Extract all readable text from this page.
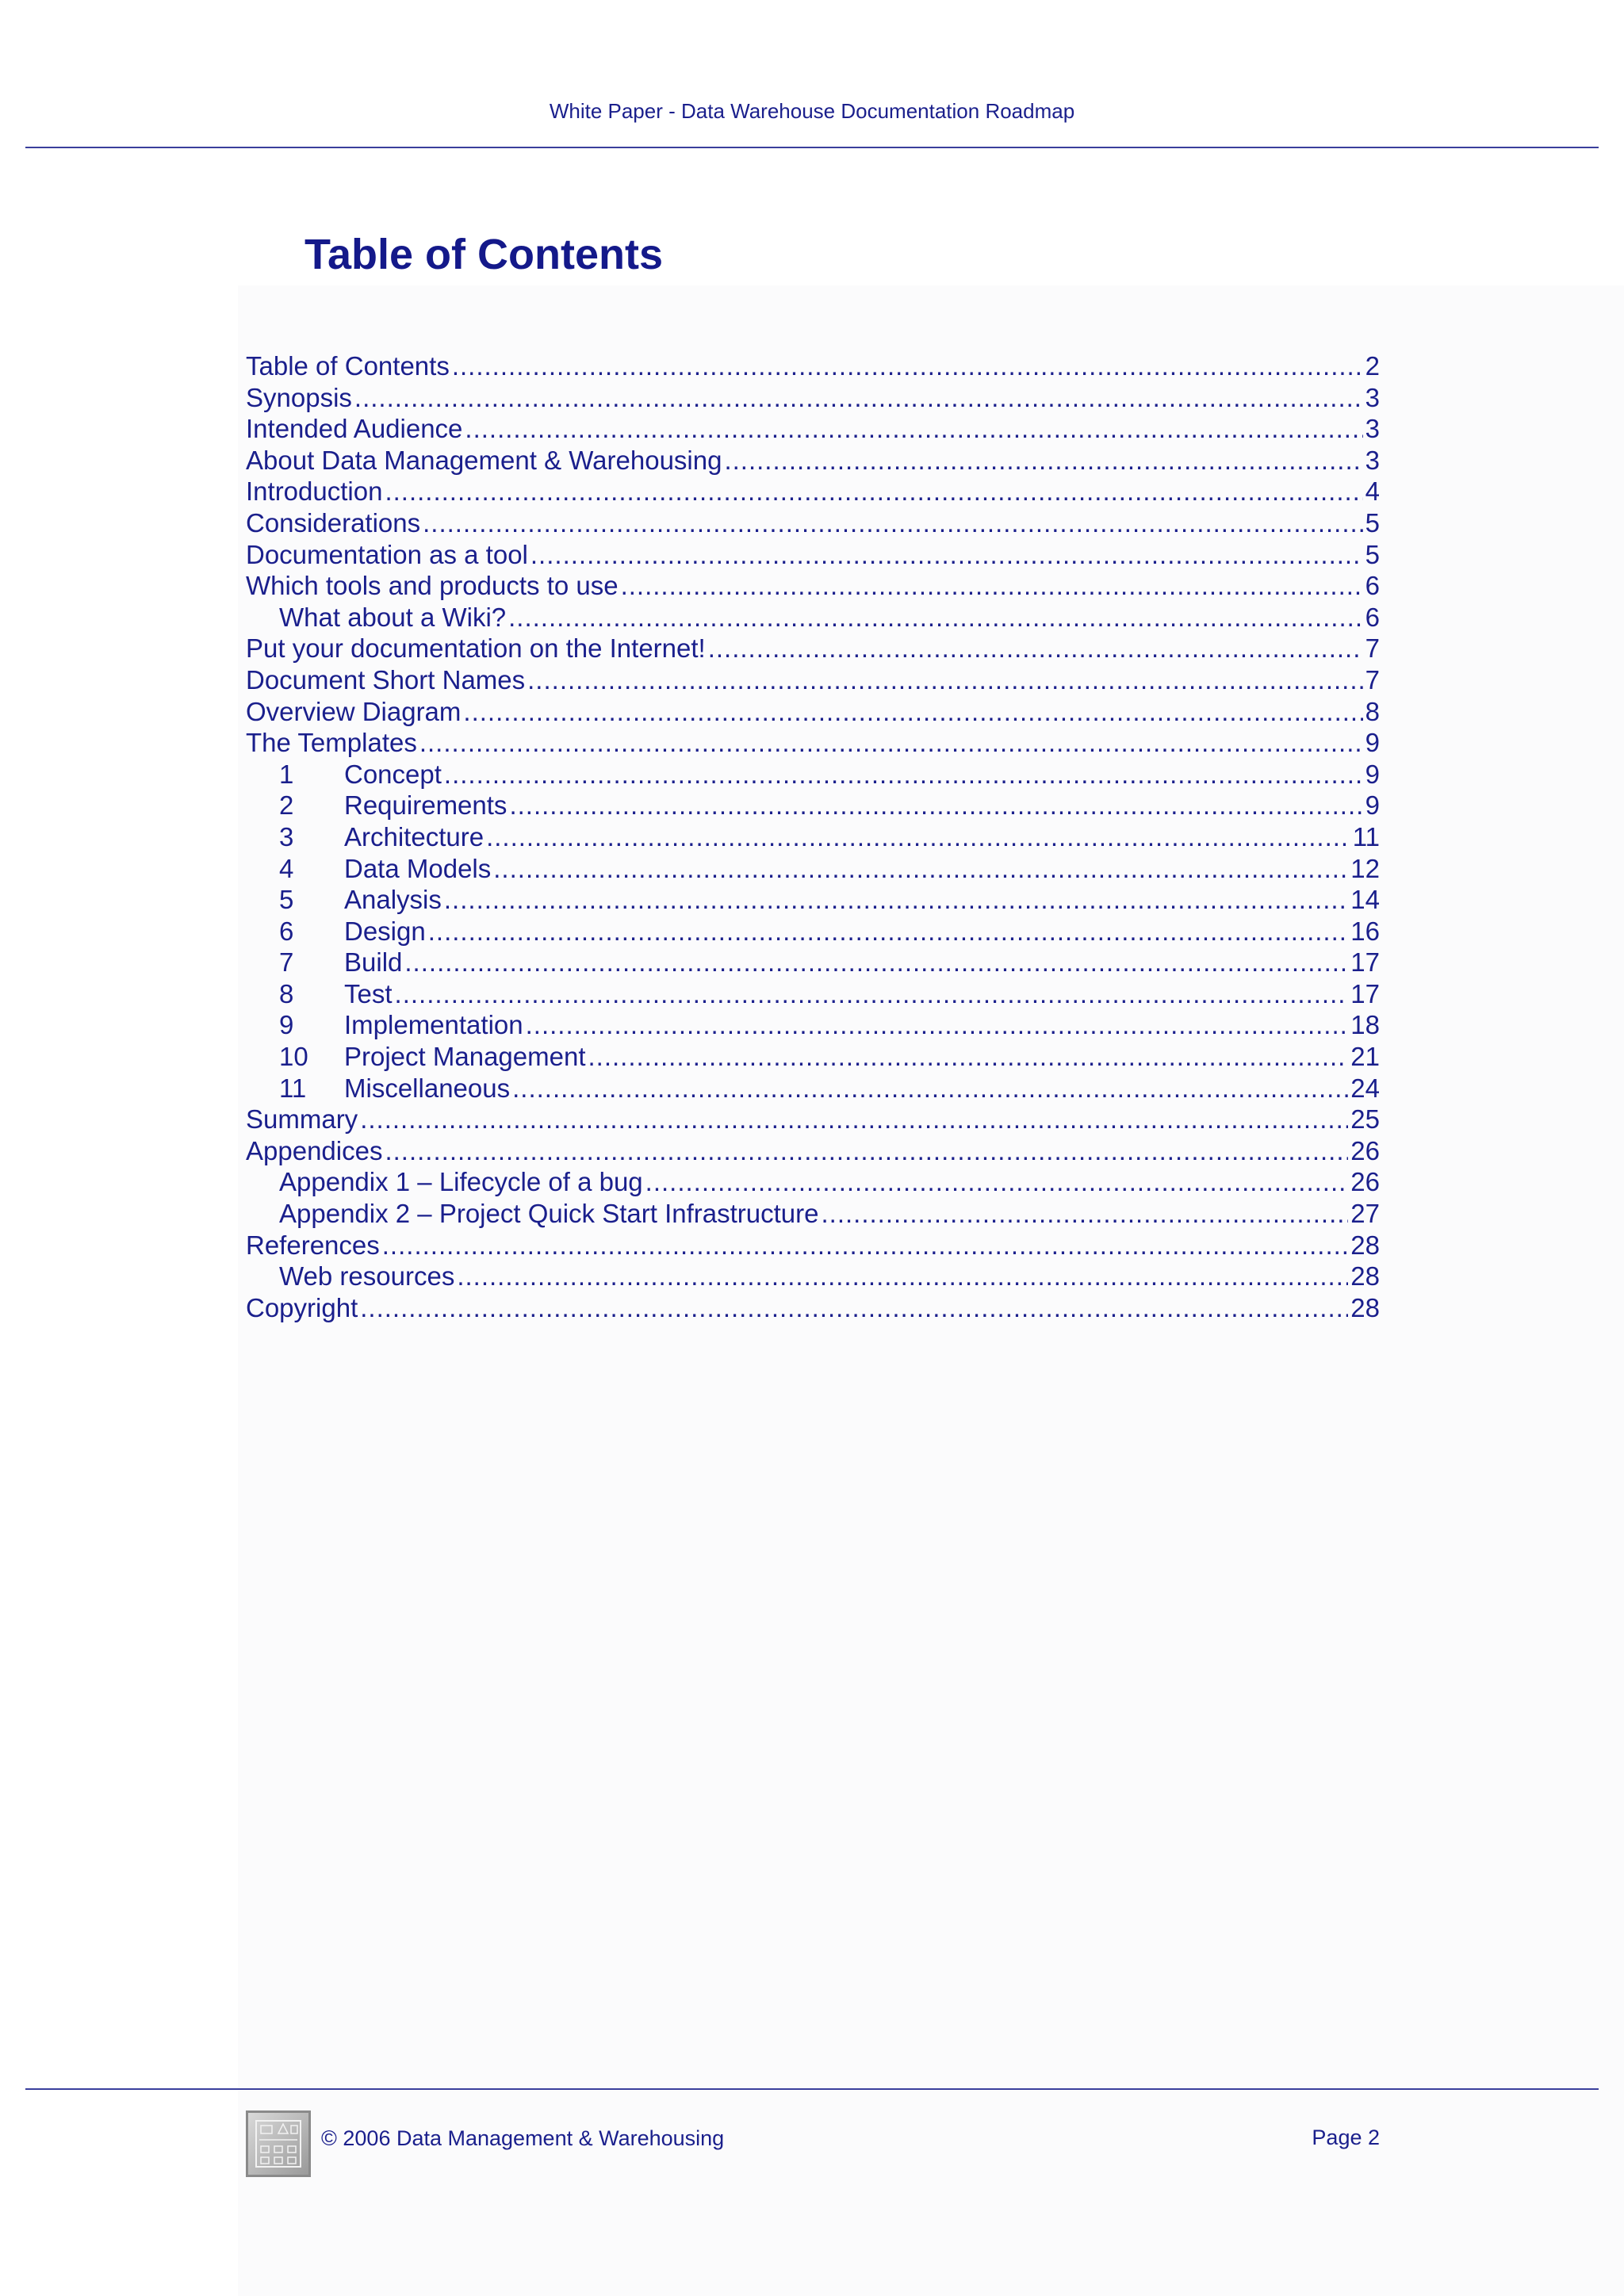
White Paper - Data Warehouse Documentation Roadmap
Table of Contents
Table of Contents .....	2
Synopsis .....	3
Intended Audience .....	3
About Data Management & Warehousing .....	3
Introduction .....	4
Considerations .....	5
Documentation as a tool .....	5
Which tools and products to use .....	6
What about a Wiki? .....	6
Put your documentation on the Internet! .....	7
Document Short Names .....	7
Overview Diagram .....	8
The Templates .....	9
1	Concept .....	9
2	Requirements .....	9
3	Architecture .....	11
4	Data Models .....	12
5	Analysis .....	14
6	Design .....	16
7	Build .....	17
8	Test .....	17
9	Implementation .....	18
10	Project Management .....	21
11	Miscellaneous .....	24
Summary .....	25
Appendices .....	26
Appendix 1 – Lifecycle of a bug .....	26
Appendix 2 – Project Quick Start Infrastructure .....	27
References .....	28
Web resources .....	28
Copyright .....	28
© 2006 Data Management & Warehousing	Page 2
